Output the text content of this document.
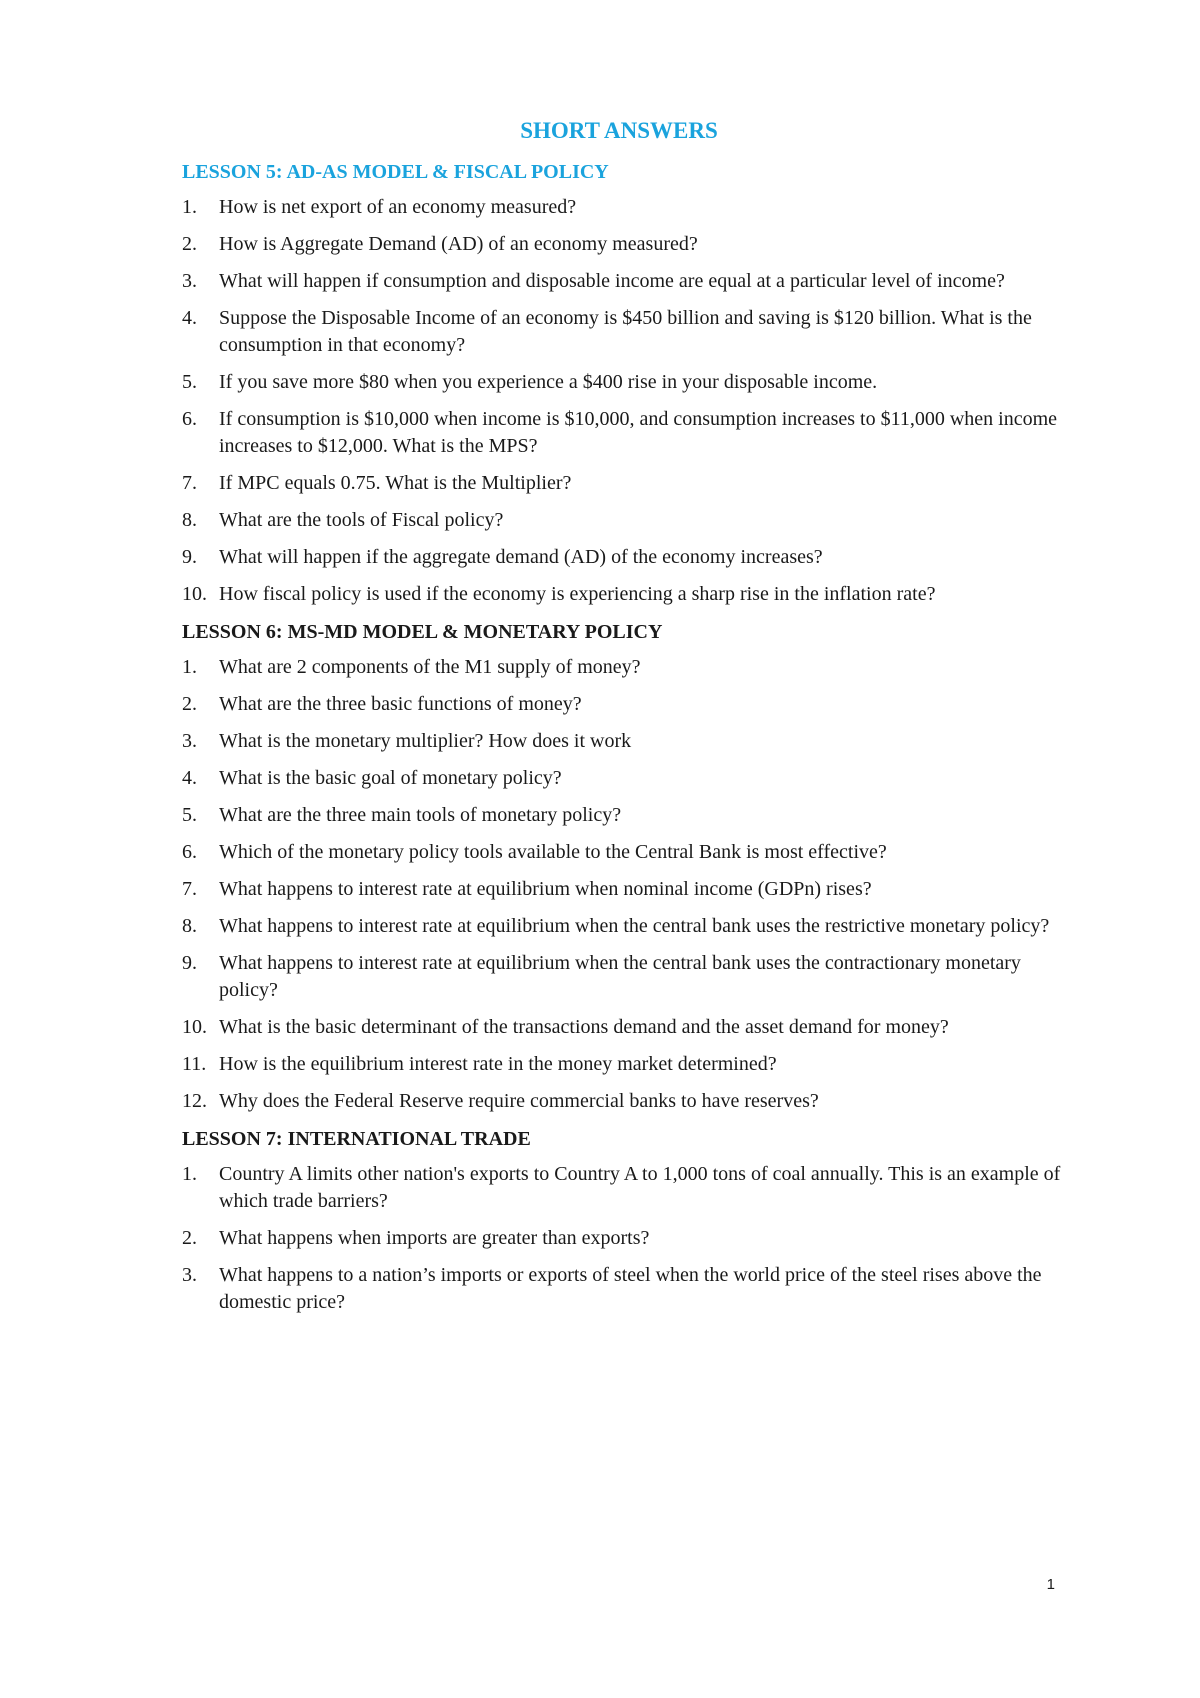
SHORT ANSWERS
LESSON 5: AD-AS MODEL & FISCAL POLICY
1.	How is net export of an economy measured?
2.	How is Aggregate Demand (AD) of an economy measured?
3.	What will happen if consumption and disposable income are equal at a particular level of income?
4.	Suppose the Disposable Income of an economy is $450 billion and saving is $120 billion. What is the consumption in that economy?
5.	If you save more $80 when you experience a $400 rise in your disposable income.
6.	If consumption is $10,000 when income is $10,000, and consumption increases to $11,000 when income increases to $12,000. What is the MPS?
7.	If MPC equals 0.75. What is the Multiplier?
8.	What are the tools of Fiscal policy?
9.	What will happen if the aggregate demand (AD) of the economy increases?
10. How fiscal policy is used if the economy is experiencing a sharp rise in the inflation rate?
LESSON 6: MS-MD MODEL & MONETARY POLICY
1.	What are 2 components of the M1 supply of money?
2.	What are the three basic functions of money?
3.	What is the monetary multiplier? How does it work
4.	What is the basic goal of monetary policy?
5.	What are the three main tools of monetary policy?
6.	Which of the monetary policy tools available to the Central Bank is most effective?
7.	What happens to interest rate at equilibrium when nominal income (GDPn) rises?
8.	What happens to interest rate at equilibrium when the central bank uses the restrictive monetary policy?
9.	What happens to interest rate at equilibrium when the central bank uses the contractionary monetary policy?
10. What is the basic determinant of the transactions demand and the asset demand for money?
11. How is the equilibrium interest rate in the money market determined?
12. Why does the Federal Reserve require commercial banks to have reserves?
LESSON 7: INTERNATIONAL TRADE
1.	Country A limits other nation's exports to Country A to 1,000 tons of coal annually. This is an example of which trade barriers?
2.	What happens when imports are greater than exports?
3.	What happens to a nation’s imports or exports of steel when the world price of the steel rises above the domestic price?
1
